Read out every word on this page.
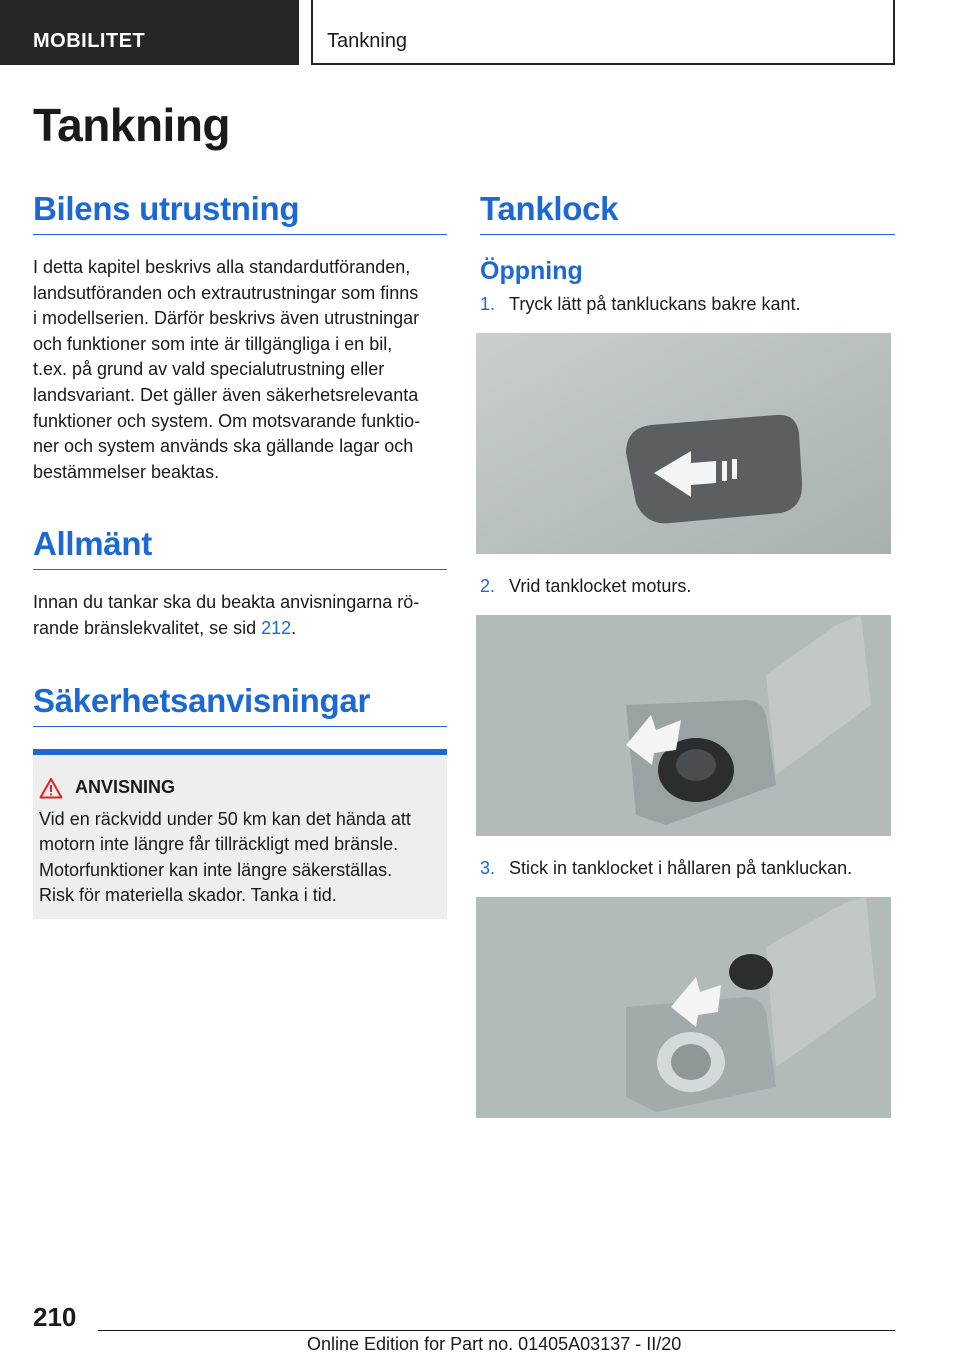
MOBILITET	Tankning
Tankning
Bilens utrustning

I detta kapitel beskrivs alla standardutföranden,
landsutföranden och extrautrustningar som finns
i modellserien. Därför beskrivs även utrustningar
och funktioner som inte är tillgängliga i en bil,
t.ex. på grund av vald specialutrustning eller
landsvariant. Det gäller även säkerhetsrelevanta
funktioner och system. Om motsvarande funktio‐
ner och system används ska gällande lagar och
bestämmelser beaktas.

Allmänt

Innan du tankar ska du beakta anvisningarna rö‐
rande bränslekvalitet, se sid 212.

Säkerhetsanvisningar
ANVISNING

Vid en räckvidd under 50 km kan det hända att
motorn inte längre får tillräckligt med bränsle.
Motorfunktioner kan inte längre säkerställas.
Risk för materiella skador. Tanka i tid.

Tanklock
Öppning
1. Tryck lätt på tankluckans bakre kant.
2. Vrid tanklocket moturs.
3. Stick in tanklocket i hållaren på tankluckan.
210
Online Edition for Part no. 01405A03137 - II/20
